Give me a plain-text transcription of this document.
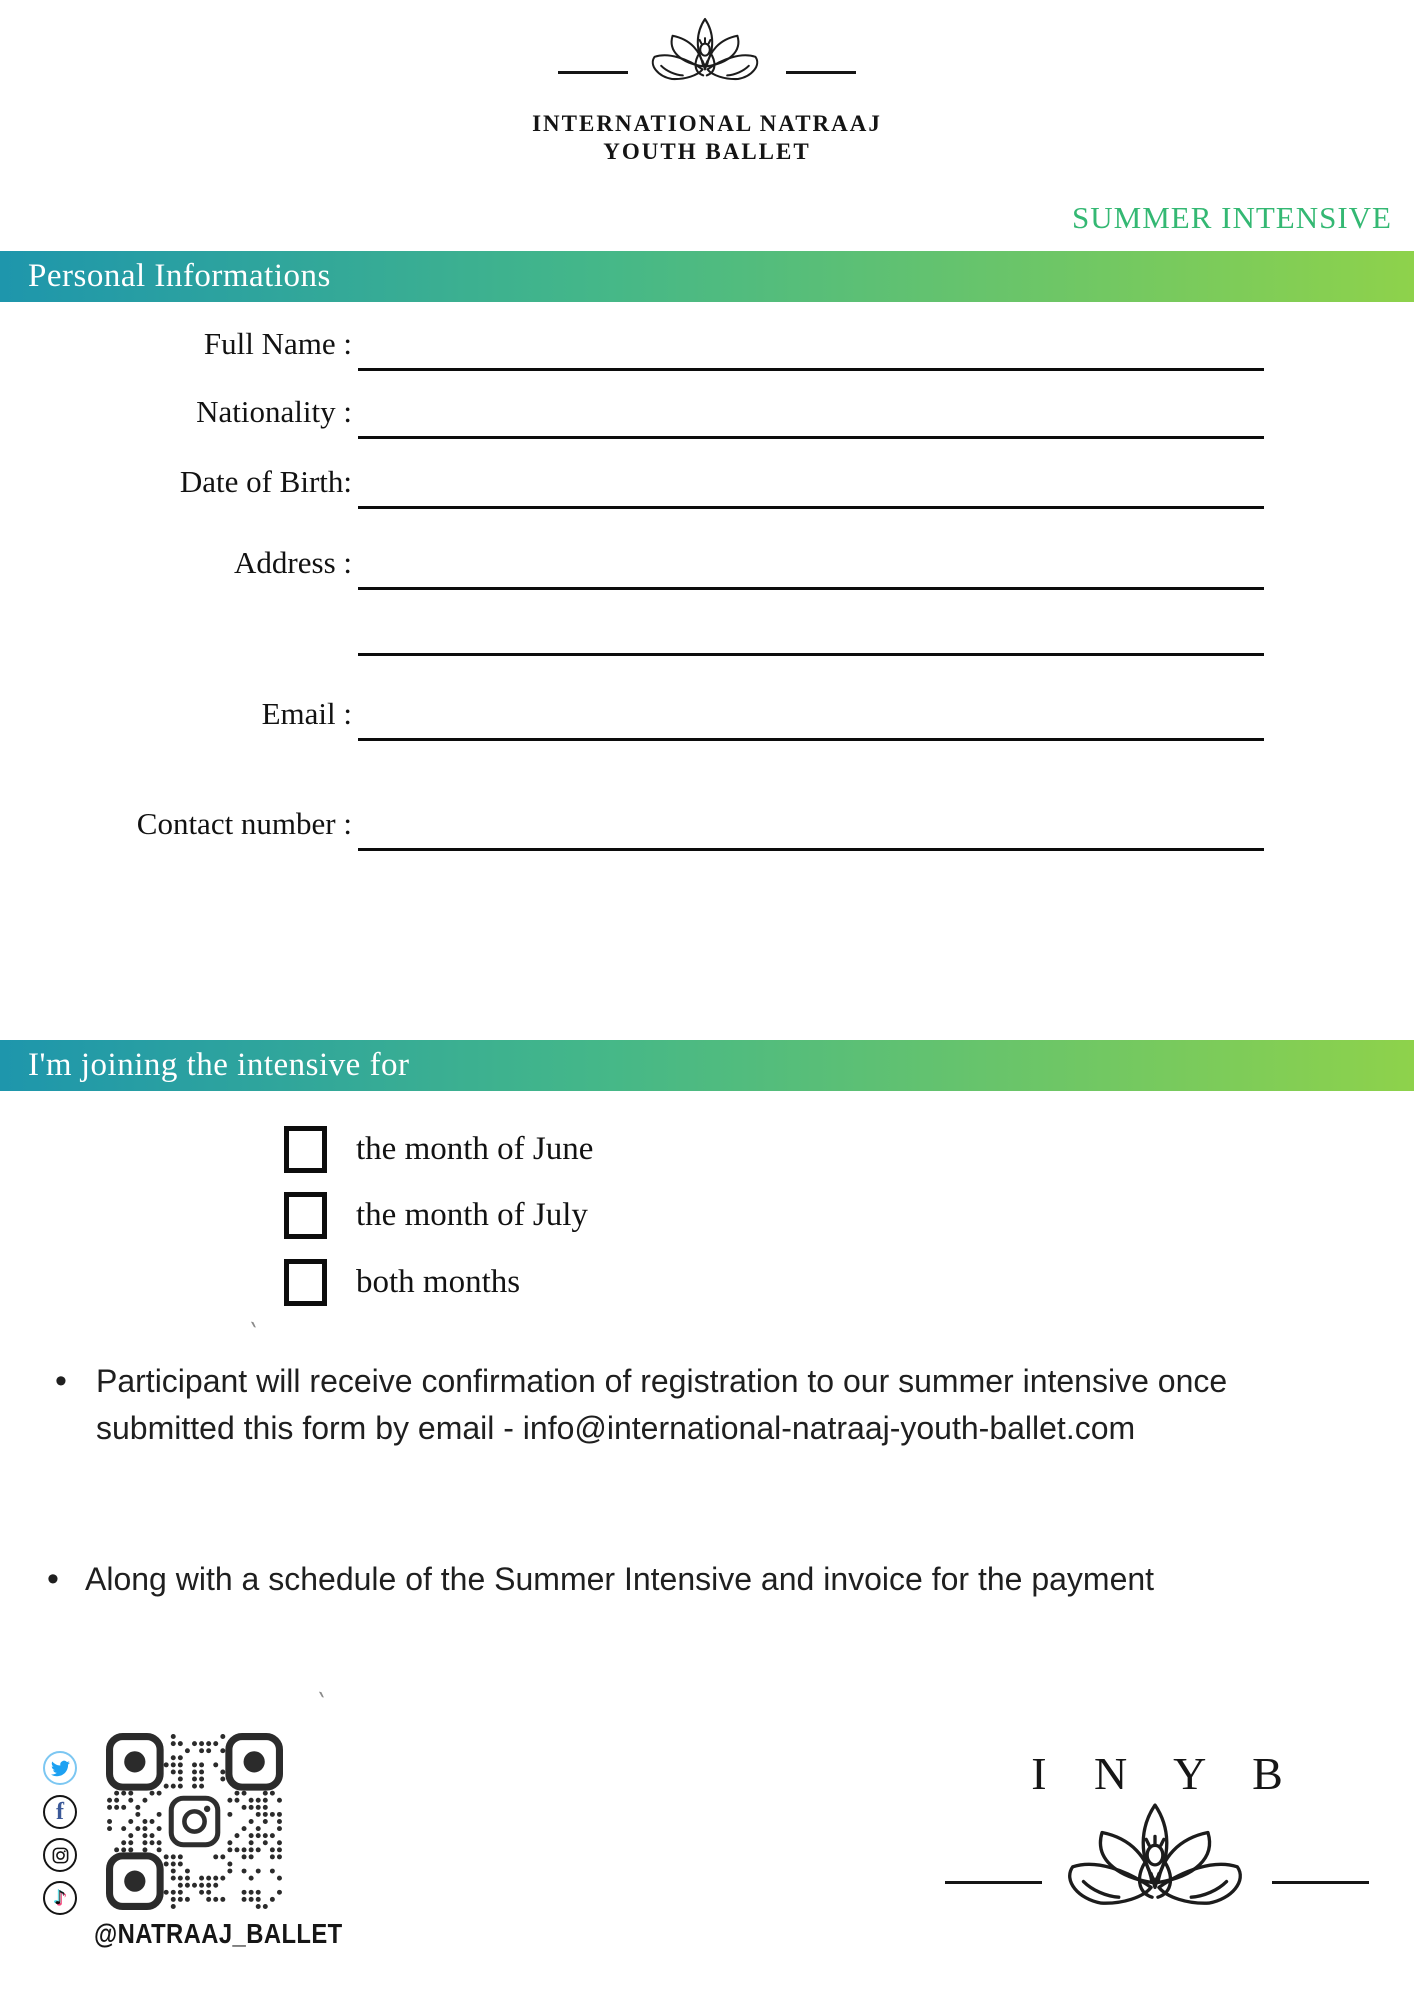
INTERNATIONAL NATRAAJ
YOUTH BALLET
SUMMER INTENSIVE
Personal Informations
Full Name :
Nationality :
Date of Birth:
Address :
Email :
Contact number :
I'm joining the intensive for
the month of June
the month of July
both months
• Participant will receive confirmation of registration to our summer intensive once submitted this form by email - info@international-natraaj-youth-ballet.com

• Along with a schedule of the Summer Intensive and invoice for the payment

`
`
f
♪
@NATRAAJ_BALLET
I N Y B
